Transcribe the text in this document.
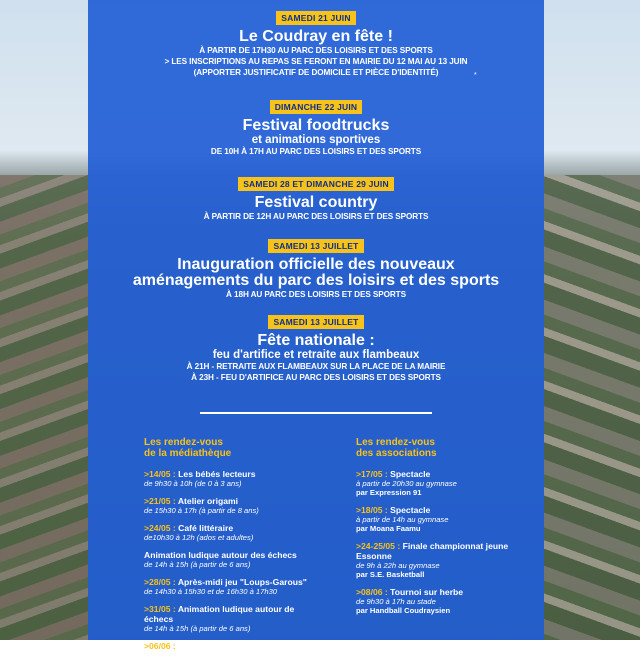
SAMEDI 21 JUIN
Le Coudray en fête !
À PARTIR DE 17H30 AU PARC DES LOISIRS ET DES SPORTS
> LES INSCRIPTIONS AU REPAS SE FERONT EN MAIRIE DU 12 MAI AU 13 JUIN
(APPORTER JUSTIFICATIF DE DOMICILE ET PIÈCE D'IDENTITÉ)
DIMANCHE 22 JUIN
Festival foodtrucks
et animations sportives
DE 10H À 17H AU PARC DES LOISIRS ET DES SPORTS
SAMEDI 28 ET DIMANCHE 29 JUIN
Festival country
À PARTIR DE 12H AU PARC DES LOISIRS ET DES SPORTS
SAMEDI 13 JUILLET
Inauguration officielle des nouveaux
aménagements du parc des loisirs et des sports
À 18H AU PARC DES LOISIRS ET DES SPORTS
SAMEDI 13 JUILLET
Fête nationale :
feu d'artifice et retraite aux flambeaux
À 21H - RETRAITE AUX FLAMBEAUX SUR LA PLACE DE LA MAIRIE
À 23H - FEU D'ARTIFICE AU PARC DES LOISIRS ET DES SPORTS
*
Les rendez-vous
de la médiathèque
>14/05 : Les bébés lecteurs
de 9h30 à 10h (de 0 à 3 ans)
>21/05 : Atelier origami
de 15h30 à 17h (à partir de 8 ans)
>24/05 : Café littéraire
de10h30 à 12h (ados et adultes)
Animation ludique autour des échecs
de 14h à 15h (à partir de 6 ans)
>28/05 : Après-midi jeu "Loups-Garous"
de 14h30 à 15h30 et de 16h30 à 17h30
>31/05 : Animation ludique autour de échecs
de 14h à 15h (à partir de 6 ans)
>06/06 : Soirée jeux
Les rendez-vous
des associations
>17/05 : Spectacle
à partir de 20h30 au gymnase
par Expression 91
>18/05 : Spectacle
à partir de 14h au gymnase
par Moana Faamu
>24-25/05 : Finale championnat jeune Essonne
de 9h à 22h au gymnase
par S.E. Basketball
>08/06 : Tournoi sur herbe
de 9h30 à 17h au stade
par Handball Coudraysien
